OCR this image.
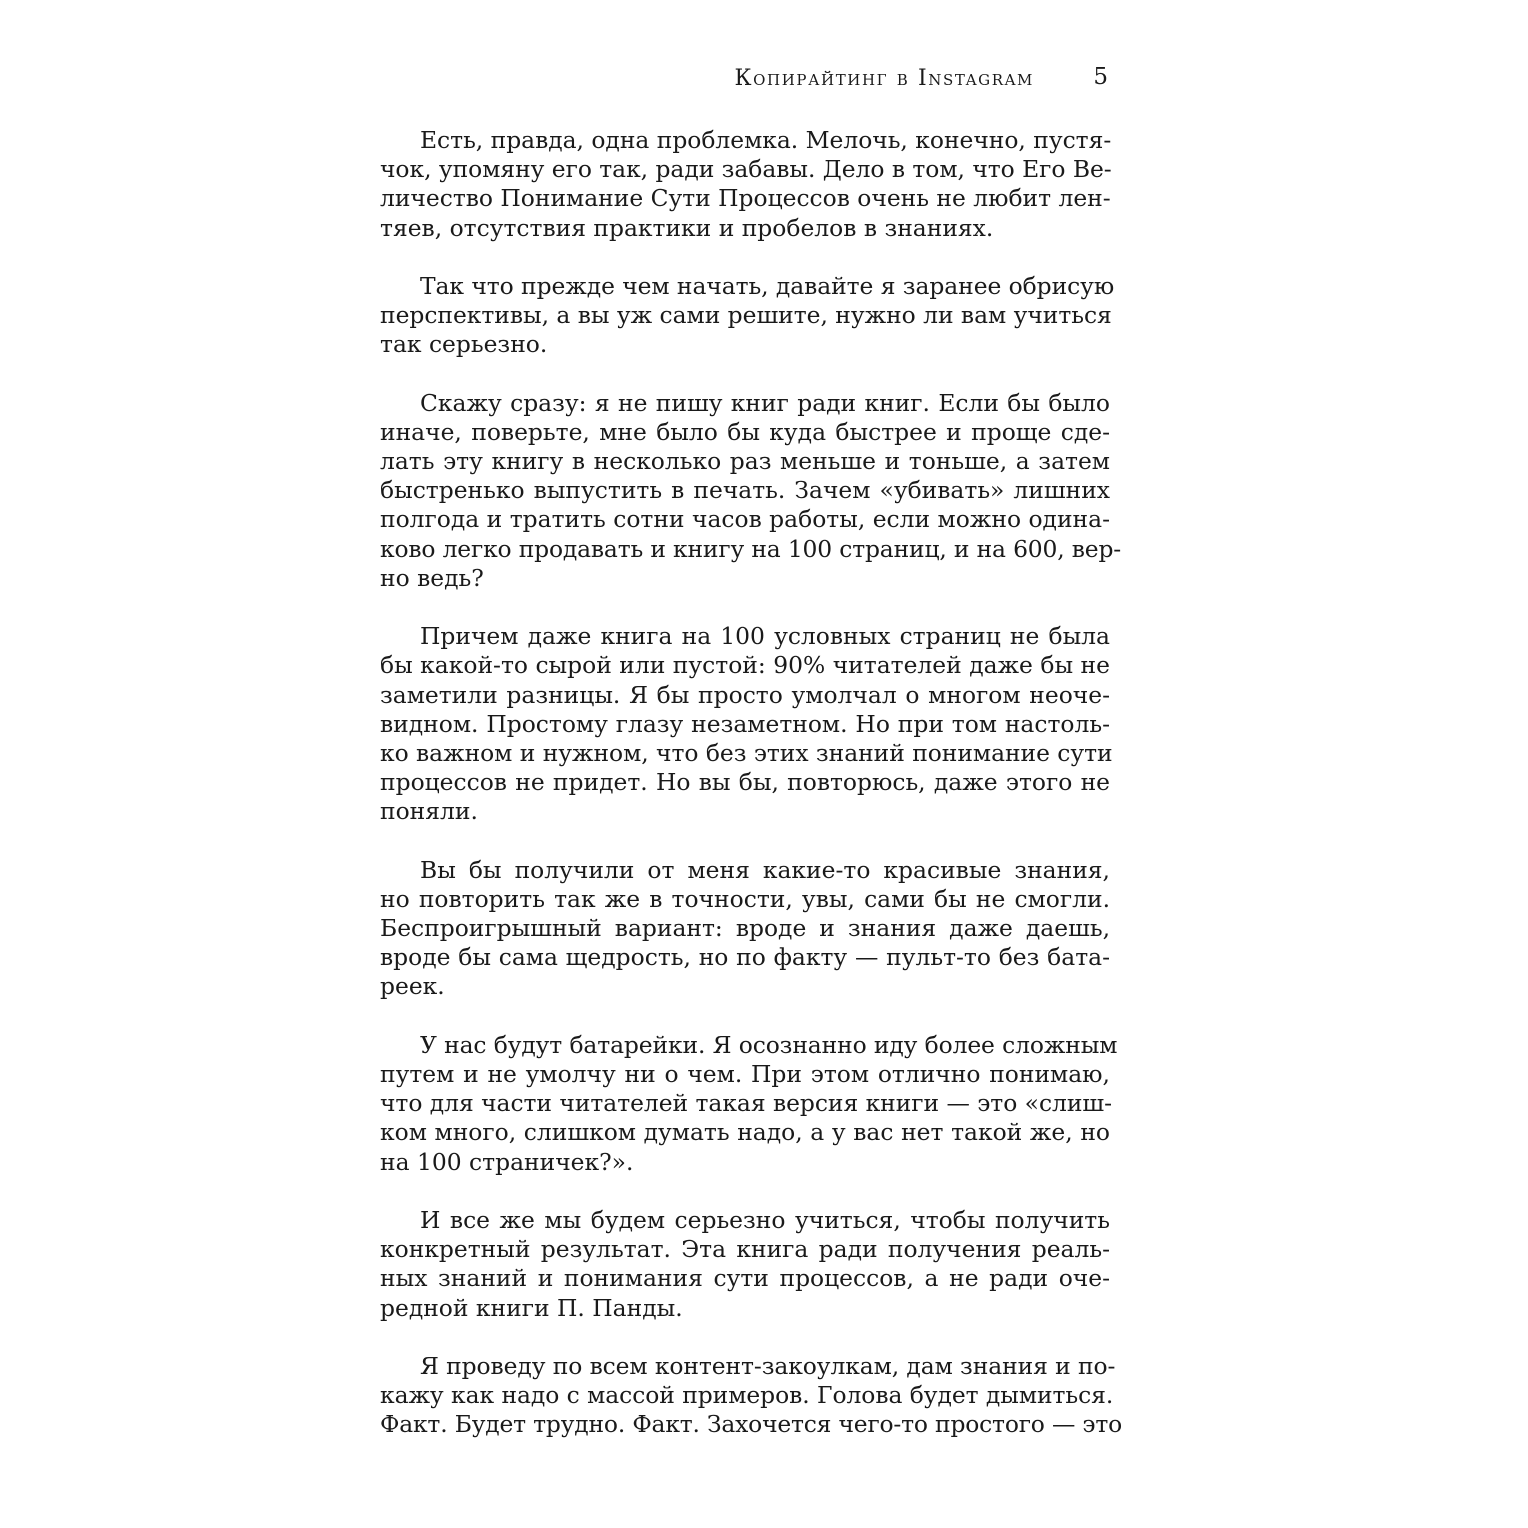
Копирайтинг в Instagram	5
Есть, правда, одна проблемка. Мелочь, конечно, пустя-
чок, упомяну его так, ради забавы. Дело в том, что Его Ве-
личество Понимание Сути Процессов очень не любит лен-
тяев, отсутствия практики и пробелов в знаниях.
Так что прежде чем начать, давайте я заранее обрисую
перспективы, а вы уж сами решите, нужно ли вам учиться
так серьезно.
Скажу сразу: я не пишу книг ради книг. Если бы было
иначе, поверьте, мне было бы куда быстрее и проще сде-
лать эту книгу в несколько раз меньше и тоньше, а затем
быстренько выпустить в печать. Зачем «убивать» лишних
полгода и тратить сотни часов работы, если можно одина-
ково легко продавать и книгу на 100 страниц, и на 600, вер-
но ведь?
Причем даже книга на 100 условных страниц не была
бы какой-то сырой или пустой: 90% читателей даже бы не
заметили разницы. Я бы просто умолчал о многом неоче-
видном. Простому глазу незаметном. Но при том настоль-
ко важном и нужном, что без этих знаний понимание сути
процессов не придет. Но вы бы, повторюсь, даже этого не
поняли.
Вы бы получили от меня какие-то красивые знания,
но повторить так же в точности, увы, сами бы не смогли.
Беспроигрышный вариант: вроде и знания даже даешь,
вроде бы сама щедрость, но по факту — пульт-то без бата-
реек.
У нас будут батарейки. Я осознанно иду более сложным
путем и не умолчу ни о чем. При этом отлично понимаю,
что для части читателей такая версия книги — это «слиш-
ком много, слишком думать надо, а у вас нет такой же, но
на 100 страничек?».
И все же мы будем серьезно учиться, чтобы получить
конкретный результат. Эта книга ради получения реаль-
ных знаний и понимания сути процессов, а не ради оче-
редной книги П. Панды.
Я проведу по всем контент-закоулкам, дам знания и по-
кажу как надо с массой примеров. Голова будет дымиться.
Факт. Будет трудно. Факт. Захочется чего-то простого — это
